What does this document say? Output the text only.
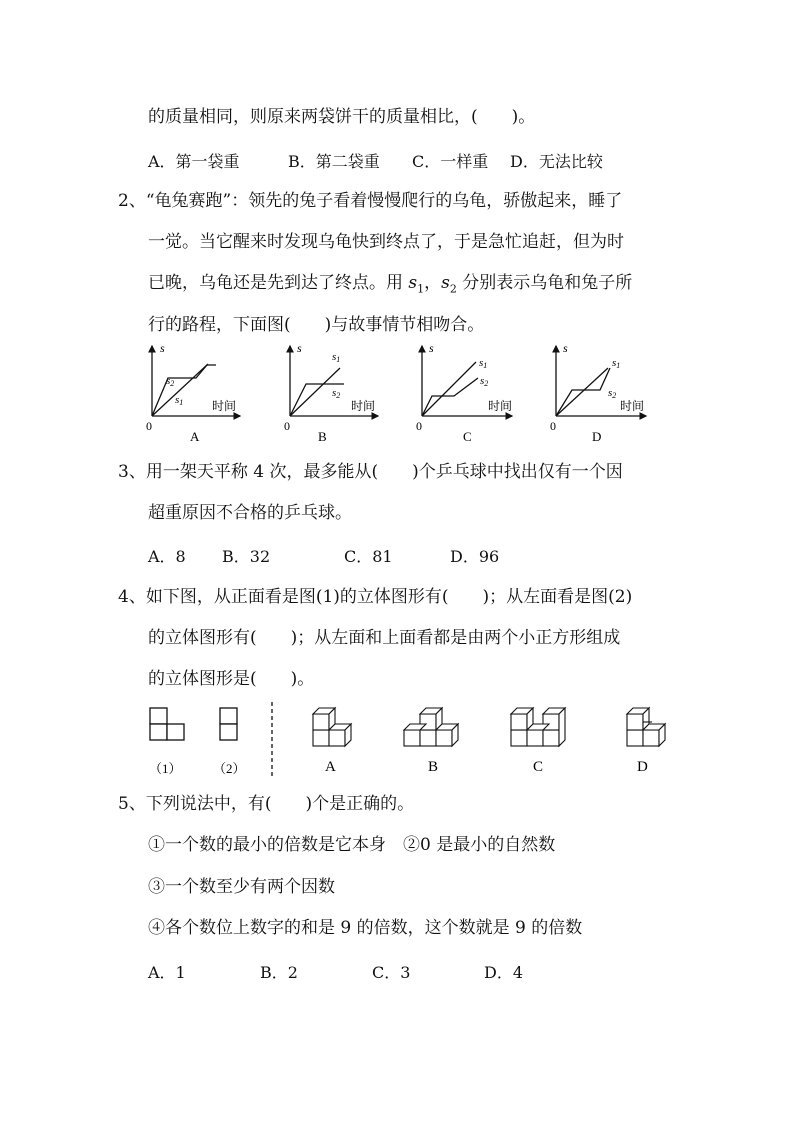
的质量相同，则原来两袋饼干的质量相比，(　　)。
A．第一袋重	B．第二袋重 C．一样重 D．无法比较
2、“龟兔赛跑”：领先的兔子看着慢慢爬行的乌龟，骄傲起来，睡了
一觉。当它醒来时发现乌龟快到终点了，于是急忙追赶，但为时
已晚，乌龟还是先到达了终点。用 $s_1$，$s_2$ 分别表示乌龟和兔子所
行的路程，下面图(　　)与故事情节相吻合。
s
s2
s1 时间
0
s
s1
s2
时间
0
s
s1
s2
时间
0
s
s1
s2
时间
0
A	B	C	D
3、用一架天平称 4 次，最多能从(　　)个乒乓球中找出仅有一个因
超重原因不合格的乒乓球。
A．8 B．32	C．81	D．96
4、如下图，从正面看是图(1)的立体图形有(　　)；从左面看是图(2)
的立体图形有(　　)；从左面和上面看都是由两个小正方形组成
的立体图形是(　　)。
（1） （2）	A	B	C	D
5、下列说法中，有(　　)个是正确的。
①一个数的最小的倍数是它本身　②0 是最小的自然数
③一个数至少有两个因数
④各个数位上数字的和是 9 的倍数，这个数就是 9 的倍数
A．1	B．2	C．3	D．4
